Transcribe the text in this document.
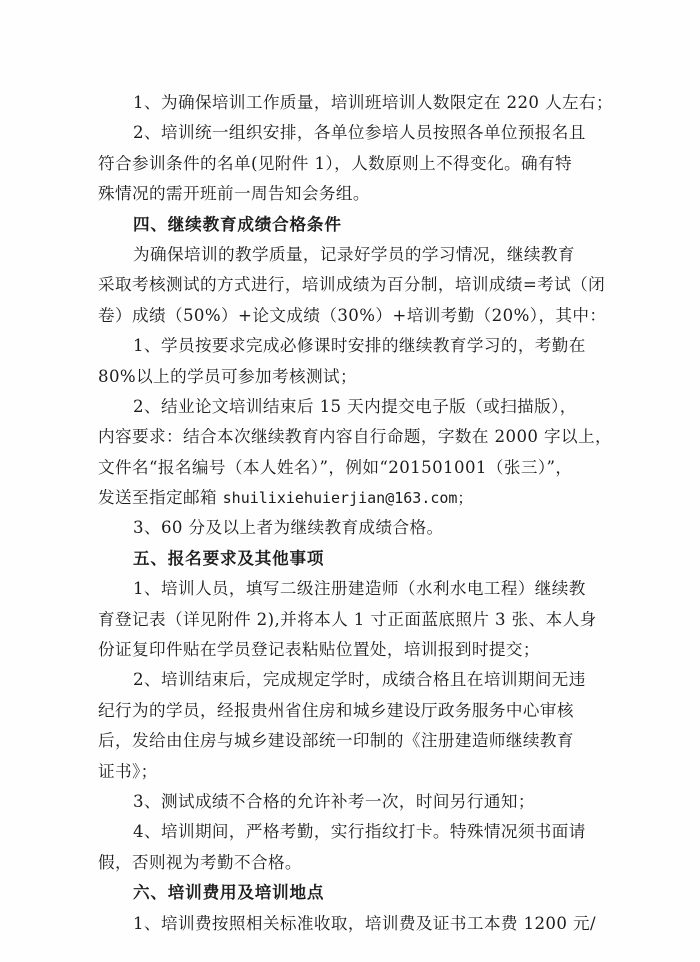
1、为确保培训工作质量，培训班培训人数限定在 220 人左右；
2、培训统一组织安排，各单位参培人员按照各单位预报名且
符合参训条件的名单(见附件 1），人数原则上不得变化。确有特
殊情况的需开班前一周告知会务组。
四、继续教育成绩合格条件
为确保培训的教学质量，记录好学员的学习情况，继续教育
采取考核测试的方式进行，培训成绩为百分制，培训成绩=考试（闭
卷）成绩（50%）+论文成绩（30%）+培训考勤（20%），其中：
1、学员按要求完成必修课时安排的继续教育学习的，考勤在
80%以上的学员可参加考核测试；
2、结业论文培训结束后 15 天内提交电子版（或扫描版），
内容要求：结合本次继续教育内容自行命题，字数在 2000 字以上，
文件名“报名编号（本人姓名）”，例如“201501001（张三）”，
发送至指定邮箱 shuilixiehuierjian@163.com；
3、60 分及以上者为继续教育成绩合格。
五、报名要求及其他事项
1、培训人员，填写二级注册建造师（水利水电工程）继续教
育登记表（详见附件 2),并将本人 1 寸正面蓝底照片 3 张、本人身
份证复印件贴在学员登记表粘贴位置处，培训报到时提交；
2、培训结束后，完成规定学时，成绩合格且在培训期间无违
纪行为的学员，经报贵州省住房和城乡建设厅政务服务中心审核
后，发给由住房与城乡建设部统一印制的《注册建造师继续教育
证书》；
3、测试成绩不合格的允许补考一次，时间另行通知；
4、培训期间，严格考勤，实行指纹打卡。特殊情况须书面请
假，否则视为考勤不合格。
六、培训费用及培训地点
1、培训费按照相关标准收取，培训费及证书工本费 1200 元/
